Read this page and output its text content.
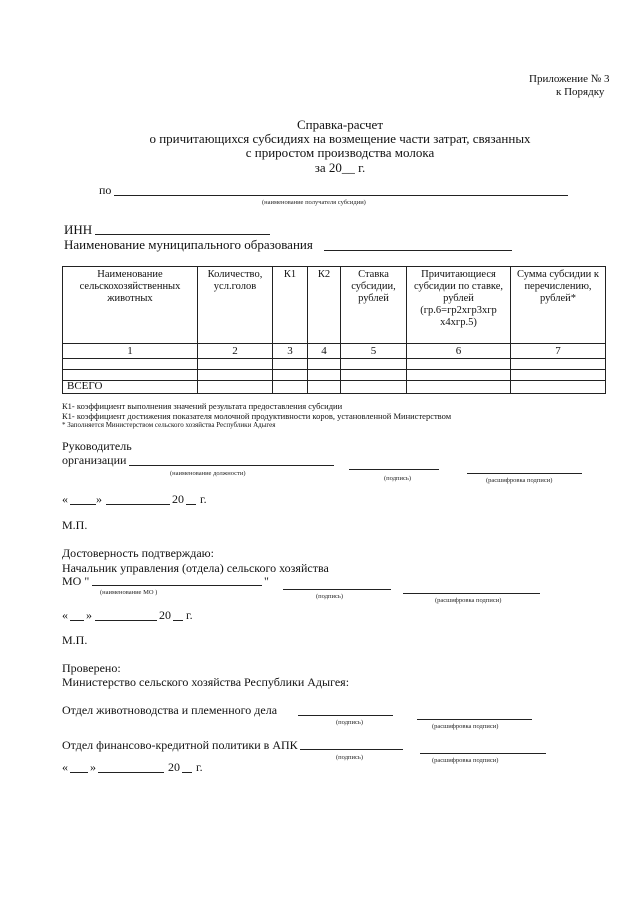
Приложение № 3
к Порядку
Справка-расчет
о причитающихся субсидиях на возмещение части затрат, связанных
с приростом производства молока
за 20__ г.
по
(наименование получателя субсидии)
ИНН
Наименование муниципального образования
Наименование сельскохозяйственных животных	Количество, усл.голов	К1	К2	Ставка субсидии, рублей	Причитающиеся субсидии по ставке, рублей (гр.6=гр2хгр3хгр х4хгр.5)	Сумма субсидии к перечислению, рублей*
1	2	3	4	5	6	7

ВСЕГО						
К1- коэффициент выполнения значений результата предоставления субсидии
К1- коэффициент достижения показателя молочной продуктивности коров, установленной Министерством
* Заполняется Министерством сельского хозяйства Республики Адыгея
Руководитель
организации
(наименование должности)
(подпись)	(расшифровка подписи)
« »	20 г.
М.П.
Достоверность подтверждаю:
Начальник управления (отдела) сельского хозяйства
МО "	"
(наименование МО )
(подпись)
(расшифровка подписи)
« »	20 г.
М.П.
Проверено:
Министерство сельского хозяйства Республики Адыгея:
Отдел животноводства и племенного дела
(подпись)
(расшифровка подписи)
Отдел финансово-кредитной политики в АПК
(подпись)	(расшифровка подписи)
« »	20 г.
